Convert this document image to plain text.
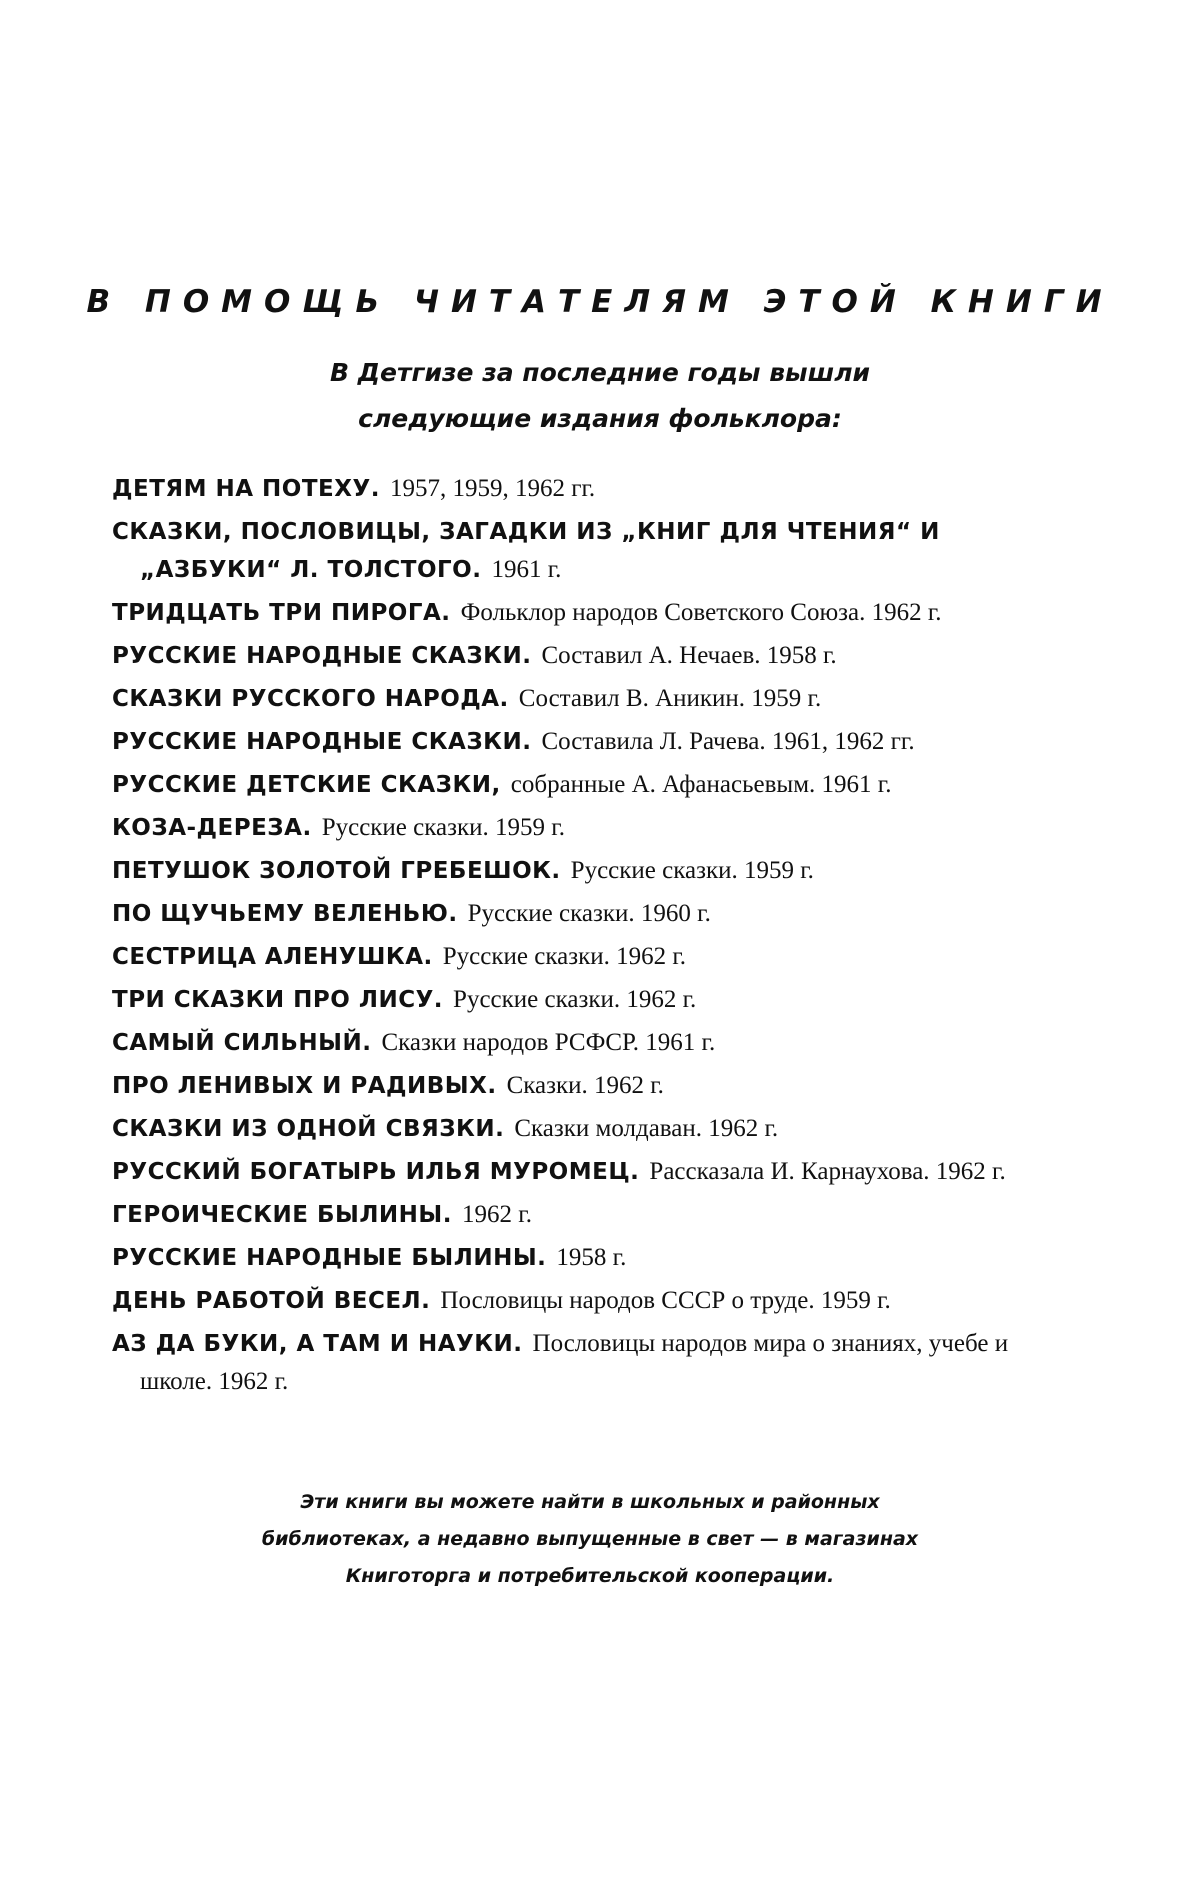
В ПОМОЩЬ ЧИТАТЕЛЯМ ЭТОЙ КНИГИ
В Детгизе за последние годы вышли
следующие издания фольклора:
ДЕТЯМ НА ПОТЕХУ. 1957, 1959, 1962 гг.
СКАЗКИ, ПОСЛОВИЦЫ, ЗАГАДКИ ИЗ „КНИГ ДЛЯ ЧТЕНИЯ“ И „АЗБУКИ“ Л. ТОЛСТОГО. 1961 г.
ТРИДЦАТЬ ТРИ ПИРОГА. Фольклор народов Советского Союза. 1962 г.
РУССКИЕ НАРОДНЫЕ СКАЗКИ. Составил А. Нечаев. 1958 г.
СКАЗКИ РУССКОГО НАРОДА. Составил В. Аникин. 1959 г.
РУССКИЕ НАРОДНЫЕ СКАЗКИ. Составила Л. Рачева. 1961, 1962 гг.
РУССКИЕ ДЕТСКИЕ СКАЗКИ, собранные А. Афанасьевым. 1961 г.
КОЗА-ДЕРЕЗА. Русские сказки. 1959 г.
ПЕТУШОК ЗОЛОТОЙ ГРЕБЕШОК. Русские сказки. 1959 г.
ПО ЩУЧЬЕМУ ВЕЛЕНЬЮ. Русские сказки. 1960 г.
СЕСТРИЦА АЛЕНУШКА. Русские сказки. 1962 г.
ТРИ СКАЗКИ ПРО ЛИСУ. Русские сказки. 1962 г.
САМЫЙ СИЛЬНЫЙ. Сказки народов РСФСР. 1961 г.
ПРО ЛЕНИВЫХ И РАДИВЫХ. Сказки. 1962 г.
СКАЗКИ ИЗ ОДНОЙ СВЯЗКИ. Сказки молдаван. 1962 г.
РУССКИЙ БОГАТЫРЬ ИЛЬЯ МУРОМЕЦ. Рассказала И. Карнаухова. 1962 г.
ГЕРОИЧЕСКИЕ БЫЛИНЫ. 1962 г.
РУССКИЕ НАРОДНЫЕ БЫЛИНЫ. 1958 г.
ДЕНЬ РАБОТОЙ ВЕСЕЛ. Пословицы народов СССР о труде. 1959 г.
АЗ ДА БУКИ, А ТАМ И НАУКИ. Пословицы народов мира о знаниях, учебе и школе. 1962 г.
Эти книги вы можете найти в школьных и районных
библиотеках, а недавно выпущенные в свет — в магазинах
Книготорга и потребительской кооперации.
